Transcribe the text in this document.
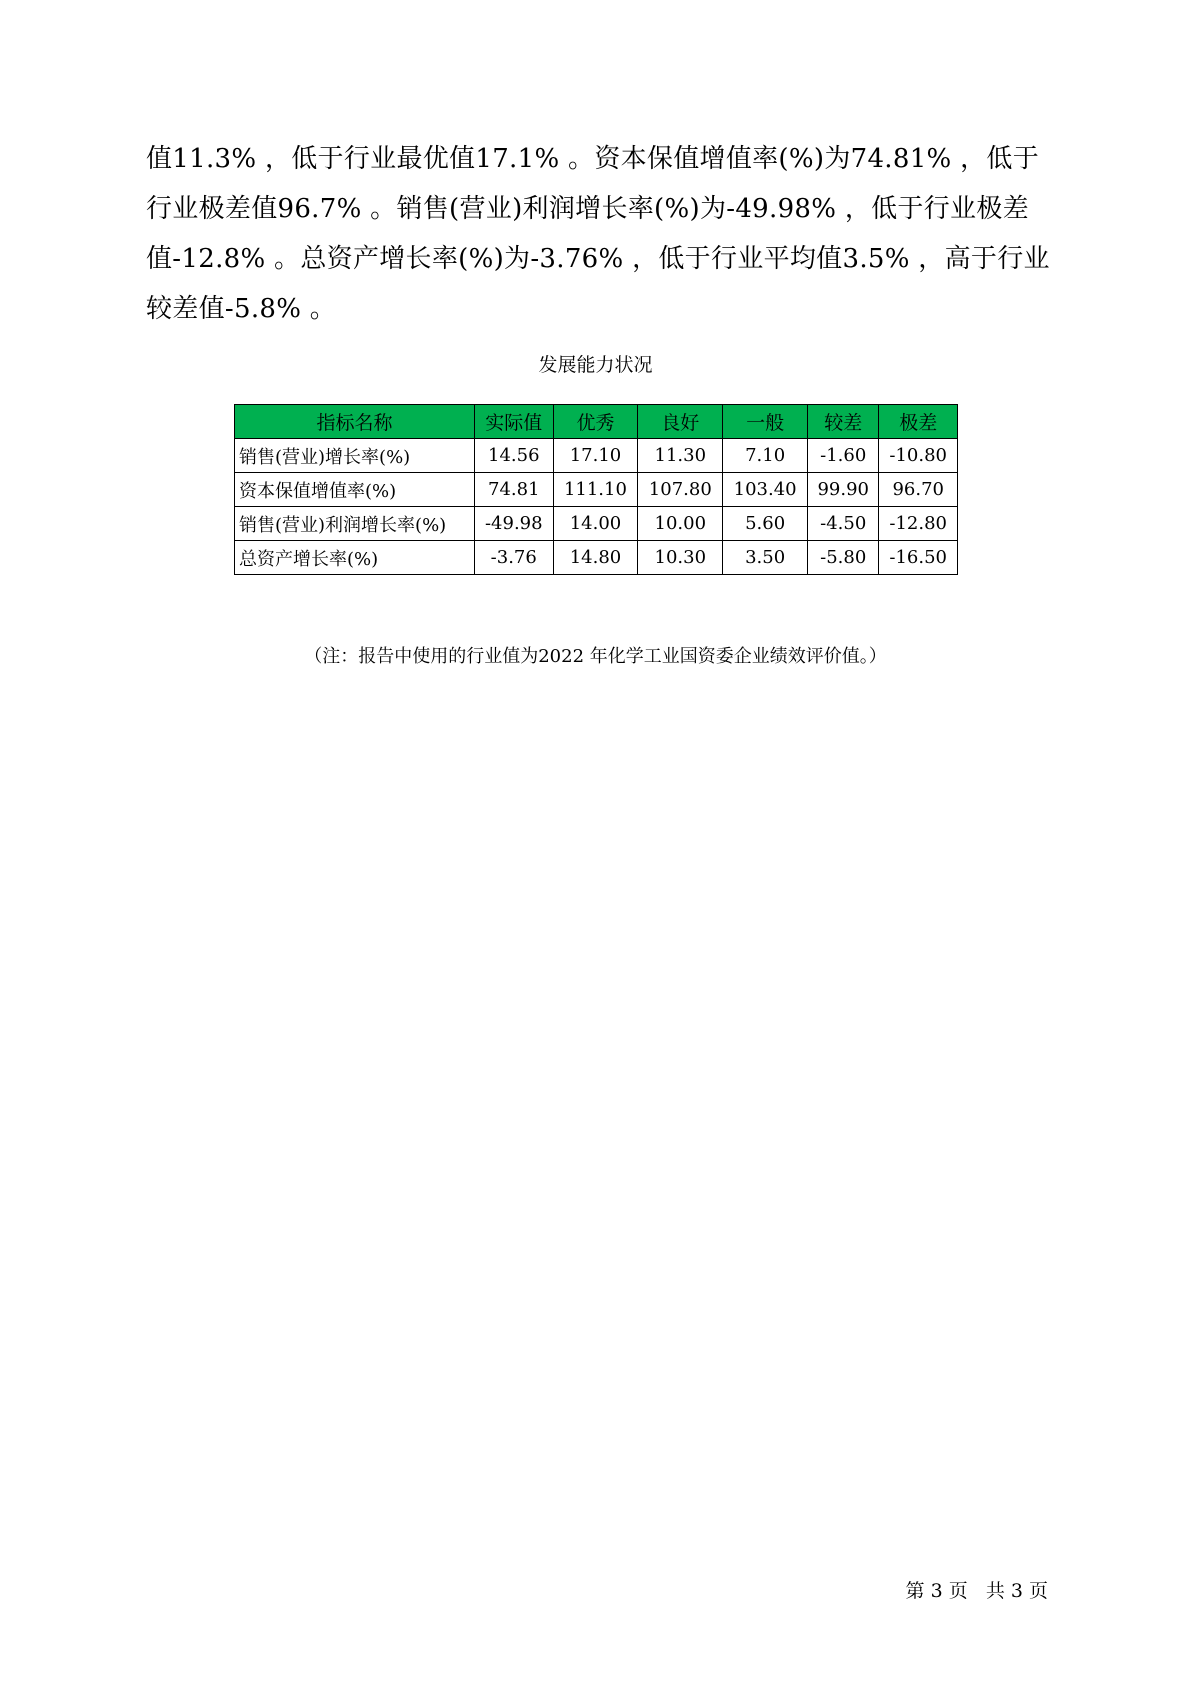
值11.3% ，低于行业最优值17.1% 。资本保值增值率(%)为74.81% ，低于
行业极差值96.7% 。销售(营业)利润增长率(%)为-49.98% ，低于行业极差
值-12.8% 。总资产增长率(%)为-3.76% ，低于行业平均值3.5% ，高于行业
较差值-5.8% 。
发展能力状况
指标名称	实际值	优秀	良好	一般	较差	极差
销售(营业)增长率(%)	14.56	17.10	11.30	7.10	-1.60	-10.80
资本保值增值率(%)	74.81	111.10	107.80	103.40	99.90	96.70
销售(营业)利润增长率(%)	-49.98	14.00	10.00	5.60	-4.50	-12.80
总资产增长率(%)	-3.76	14.80	10.30	3.50	-5.80	-16.50
（注：报告中使用的行业值为2022 年化学工业国资委企业绩效评价值。）
第 3 页 共 3 页
